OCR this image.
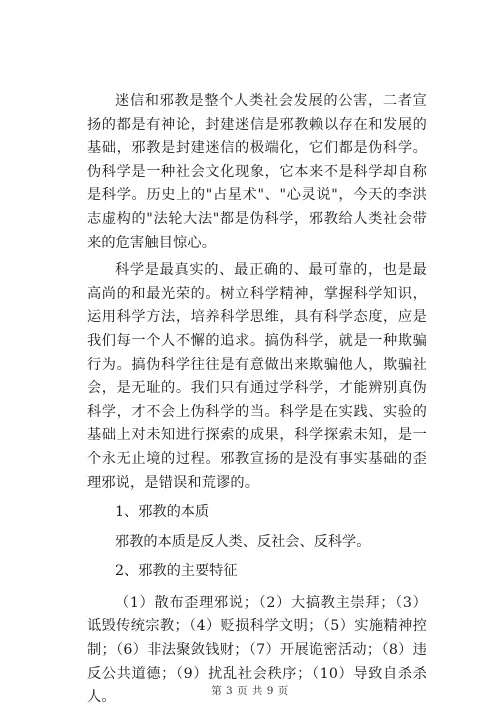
迷信和邪教是整个人类社会发展的公害，二者宣扬的都是有神论，封建迷信是邪教赖以存在和发展的基础，邪教是封建迷信的极端化，它们都是伪科学。伪科学是一种社会文化现象，它本来不是科学却自称是科学。历史上的"占星术"、"心灵说"，今天的李洪志虚构的"法轮大法"都是伪科学，邪教给人类社会带来的危害触目惊心。

科学是最真实的、最正确的、最可靠的，也是最高尚的和最光荣的。树立科学精神，掌握科学知识，运用科学方法，培养科学思维，具有科学态度，应是我们每一个人不懈的追求。搞伪科学，就是一种欺骗行为。搞伪科学往往是有意做出来欺骗他人，欺骗社会，是无耻的。我们只有通过学科学，才能辨别真伪科学，才不会上伪科学的当。科学是在实践、实验的基础上对未知进行探索的成果，科学探索未知，是一个永无止境的过程。邪教宣扬的是没有事实基础的歪理邪说，是错误和荒谬的。

1、邪教的本质

邪教的本质是反人类、反社会、反科学。

2、邪教的主要特征

（1）散布歪理邪说；（2）大搞教主崇拜；（3）诋毁传统宗教；（4）贬损科学文明；（5）实施精神控制；（6）非法聚敛钱财；（7）开展诡密活动；（8）违反公共道德；（9）扰乱社会秩序；（10）导致自杀杀人。	第 3 页 共 9 页
